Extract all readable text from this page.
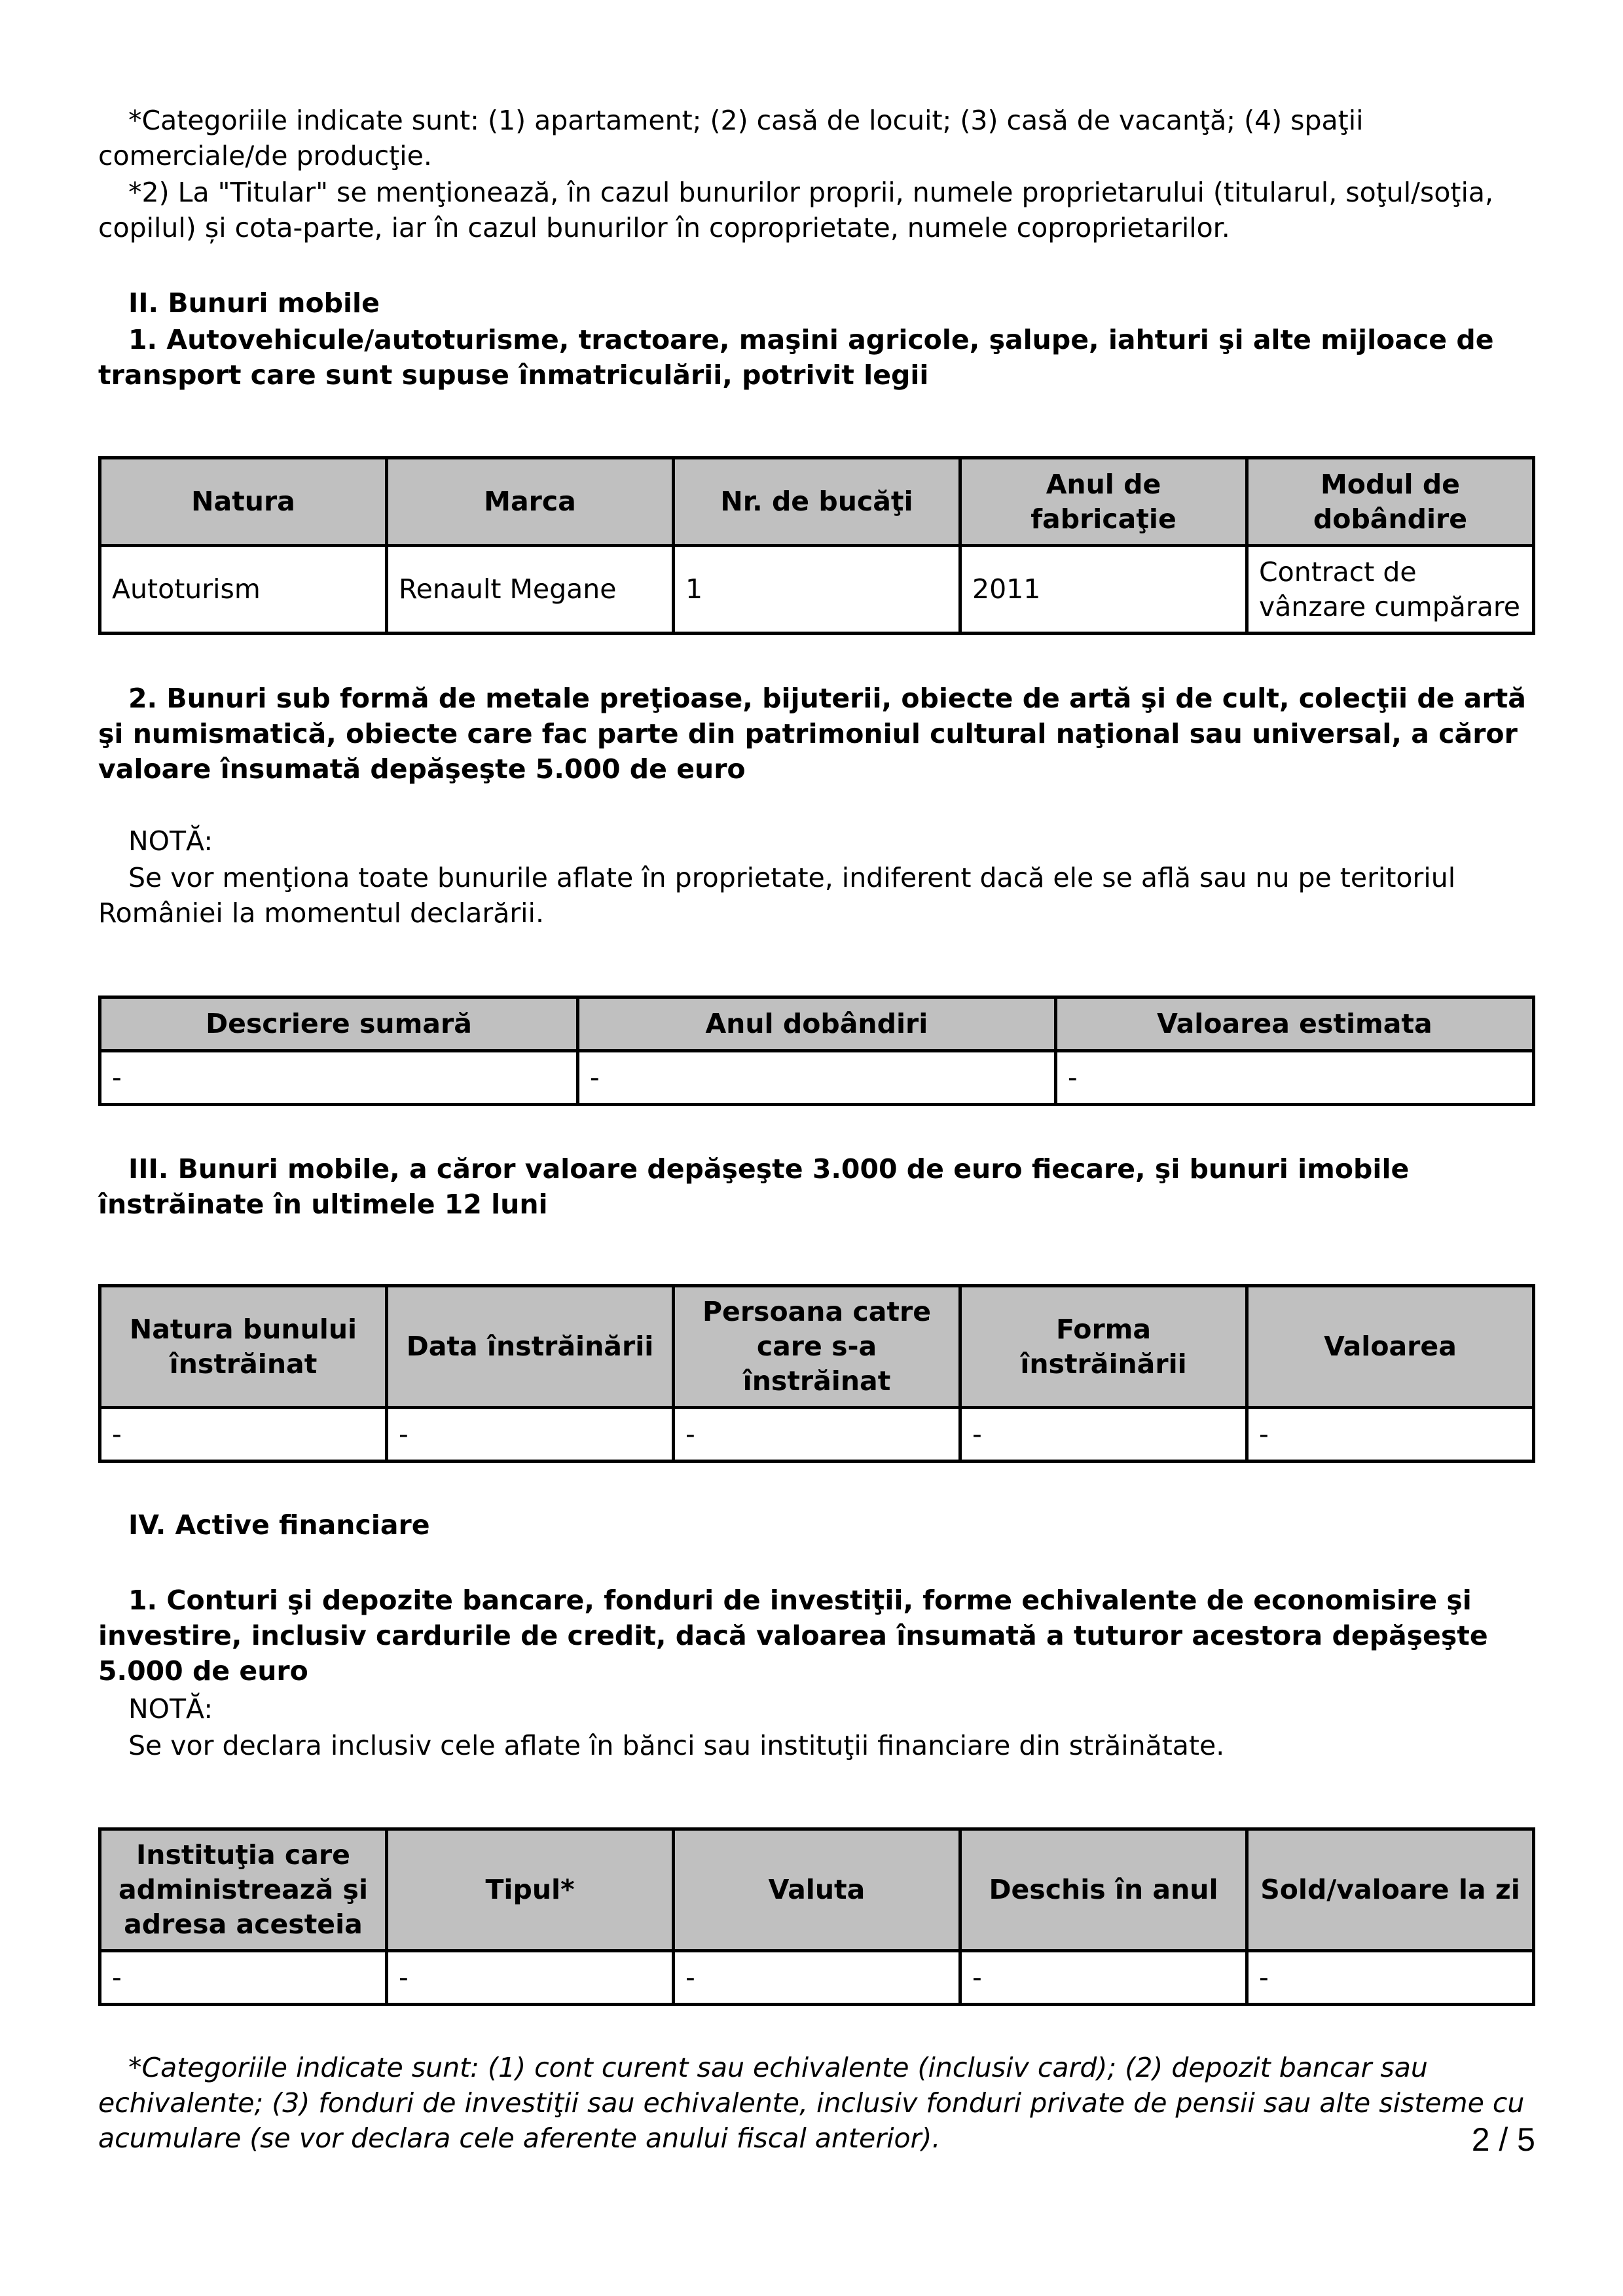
*Categoriile indicate sunt: (1) apartament; (2) casă de locuit; (3) casă de vacanţă; (4) spaţii comerciale/de producţie.

*2) La "Titular" se menţionează, în cazul bunurilor proprii, numele proprietarului (titularul, soţul/soţia, copilul) și cota-parte, iar în cazul bunurilor în coproprietate, numele coproprietarilor.

II. Bunuri mobile

1. Autovehicule/autoturisme, tractoare, maşini agricole, şalupe, iahturi şi alte mijloace de transport care sunt supuse înmatriculării, potrivit legii

Natura	Marca	Nr. de bucăţi	Anul de fabricaţie	Modul de dobândire
Autoturism	Renault Megane	1	2011	Contract de vânzare cumpărare

2. Bunuri sub formă de metale preţioase, bijuterii, obiecte de artă şi de cult, colecţii de artă şi numismatică, obiecte care fac parte din patrimoniul cultural naţional sau universal, a căror valoare însumată depăşeşte 5.000 de euro

NOTĂ:

Se vor menţiona toate bunurile aflate în proprietate, indiferent dacă ele se află sau nu pe teritoriul României la momentul declarării.

Descriere sumară	Anul dobândiri	Valoarea estimata
-	-	-

III. Bunuri mobile, a căror valoare depăşeşte 3.000 de euro fiecare, şi bunuri imobile înstrăinate în ultimele 12 luni

Natura bunului înstrăinat	Data înstrăinării	Persoana catre care s-a înstrăinat	Forma înstrăinării	Valoarea
-	-	-	-	-

IV. Active financiare

1. Conturi şi depozite bancare, fonduri de investiţii, forme echivalente de economisire şi investire, inclusiv cardurile de credit, dacă valoarea însumată a tuturor acestora depăşeşte 5.000 de euro

NOTĂ:

Se vor declara inclusiv cele aflate în bănci sau instituţii financiare din străinătate.

Instituţia care administrează şi adresa acesteia	Tipul*	Valuta	Deschis în anul	Sold/valoare la zi
-	-	-	-	-

*Categoriile indicate sunt: (1) cont curent sau echivalente (inclusiv card); (2) depozit bancar sau echivalente; (3) fonduri de investiţii sau echivalente, inclusiv fonduri private de pensii sau alte sisteme cu acumulare (se vor declara cele aferente anului fiscal anterior).	2 / 5
